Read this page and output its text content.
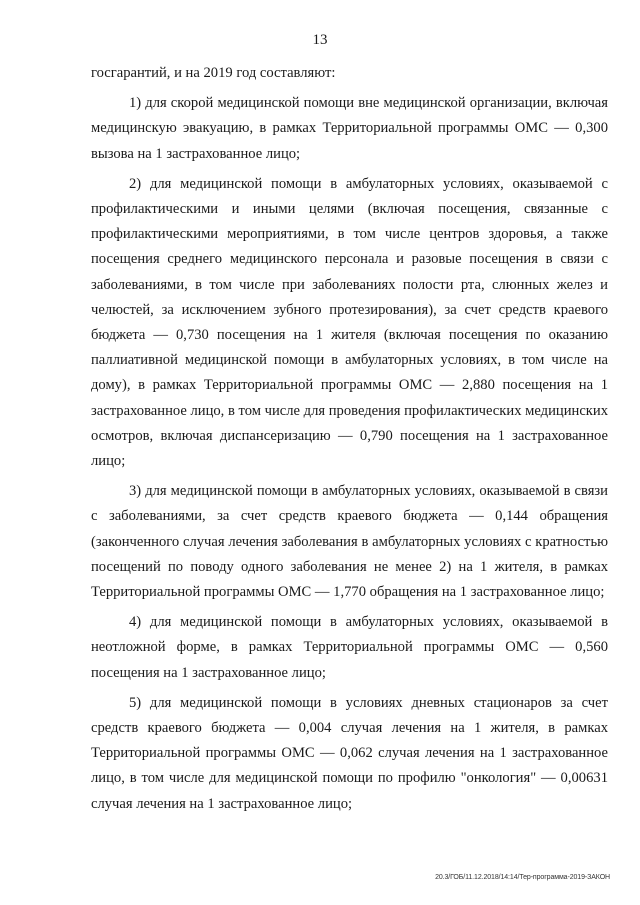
13

госгарантий, и на 2019 год составляют:

1) для скорой медицинской помощи вне медицинской организации, включая медицинскую эвакуацию, в рамках Территориальной программы ОМС — 0,300 вызова на 1 застрахованное лицо;

2) для медицинской помощи в амбулаторных условиях, оказываемой с профилактическими и иными целями (включая посещения, связанные с профилактическими мероприятиями, в том числе центров здоровья, а также посещения среднего медицинского персонала и разовые посещения в связи с заболеваниями, в том числе при заболеваниях полости рта, слюнных желез и челюстей, за исключением зубного протезирования), за счет средств краевого бюджета — 0,730 посещения на 1 жителя (включая посещения по оказанию паллиативной медицинской помощи в амбулаторных условиях, в том числе на дому), в рамках Территориальной программы ОМС — 2,880 посещения на 1 застрахованное лицо, в том числе для проведения профилактических медицинских осмотров, включая диспансеризацию — 0,790 посещения на 1 застрахованное лицо;

3) для медицинской помощи в амбулаторных условиях, оказываемой в связи с заболеваниями, за счет средств краевого бюджета — 0,144 обращения (законченного случая лечения заболевания в амбулаторных условиях с кратностью посещений по поводу одного заболевания не менее 2) на 1 жителя, в рамках Территориальной программы ОМС — 1,770 обращения на 1 застрахованное лицо;

4) для медицинской помощи в амбулаторных условиях, оказываемой в неотложной форме, в рамках Территориальной программы ОМС — 0,560 посещения на 1 застрахованное лицо;

5) для медицинской помощи в условиях дневных стационаров за счет средств краевого бюджета — 0,004 случая лечения на 1 жителя, в рамках Территориальной программы ОМС — 0,062 случая лечения на 1 застрахованное лицо, в том числе для медицинской помощи по профилю "онкология" — 0,00631 случая лечения на 1 застрахованное лицо;

20.3/ГОБ/11.12.2018/14:14/Тер-программа-2019-ЗАКОН
